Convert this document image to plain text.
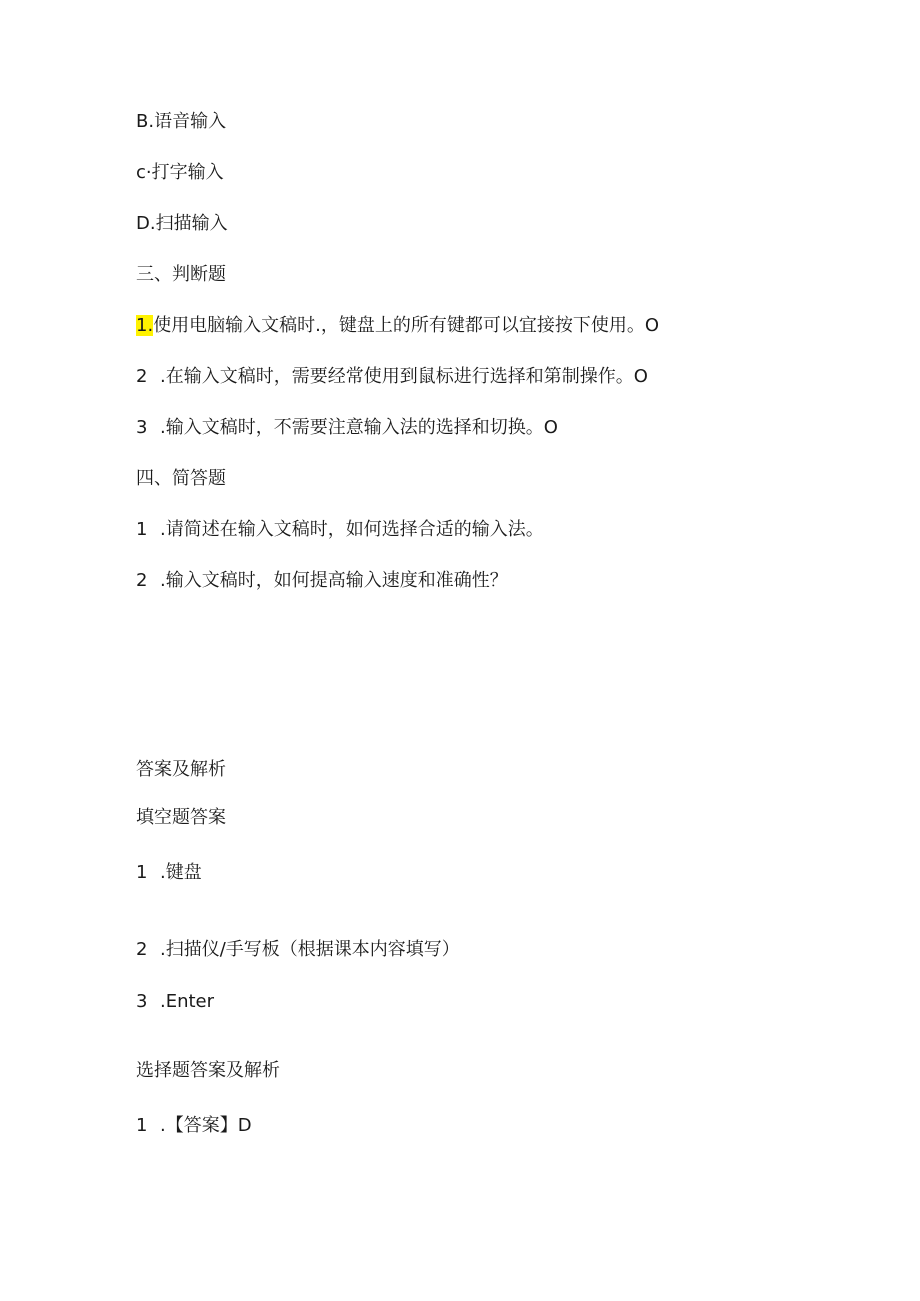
B.语音输入
c·打字输入
D.扫描输入
三、判断题
1.使用电脑输入文稿时.，键盘上的所有键都可以宜接按下使用。O
2 .在输入文稿时，需要经常使用到鼠标进行选择和第制操作。O
3 .输入文稿时，不需要注意输入法的选择和切换。O
四、简答题
1 .请简述在输入文稿时，如何选择合适的输入法。
2 .输入文稿时，如何提高输入速度和准确性？
答案及解析
填空题答案
1 .键盘
2 .扫描仪/手写板（根据课本内容填写）
3 .Enter
选择题答案及解析
1 .【答案】D
